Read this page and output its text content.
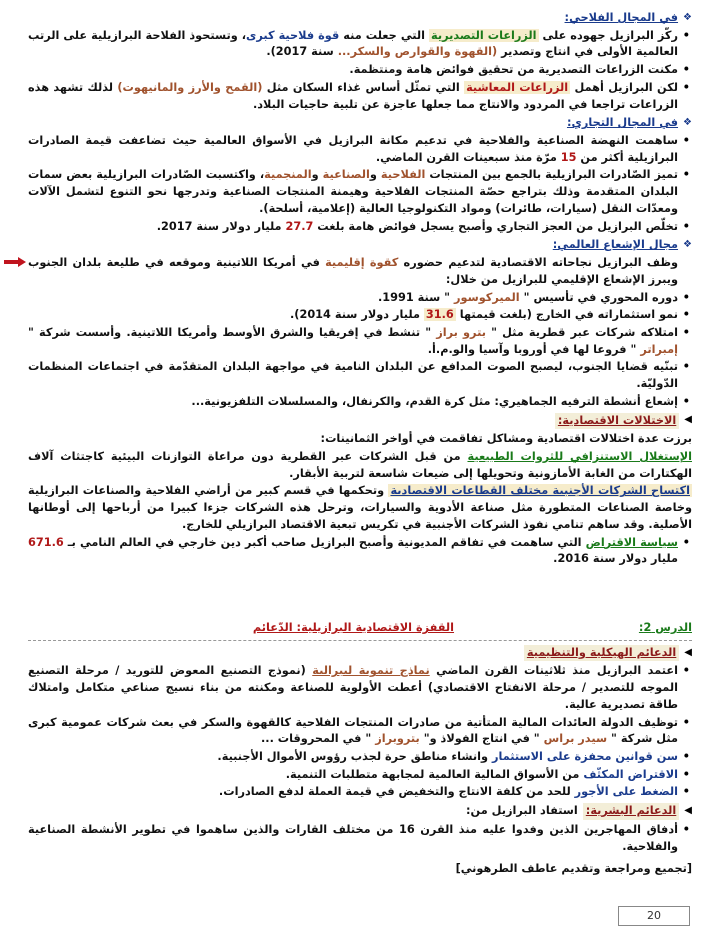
❖
في المجال الفلاحي:
• ركّز البرازيل جهوده على الزراعات التصديرية التي جعلت منه قوة فلاحية كبرى، وتستحوذ الفلاحة البرازيلية على الرتب العالمية الأولى في انتاج وتصدير (القهوة والقوارص والسكر... سنة 2017).
• مكنت الزراعات التصديرية من تحقيق فوائض هامة ومنتظمة.
• لكن البرازيل أهمل الزراعات المعاشية التي تمثّل أساس غذاء السكان مثل (القمح والأرز والمانيهوت) لذلك تشهد هذه الزراعات تراجعا في المردود والانتاج مما جعلها عاجزة عن تلبية حاجيات البلاد.
❖
في المجال التجاري:
• ساهمت النهضة الصناعية والفلاحية في تدعيم مكانة البرازيل في الأسواق العالمية حيث تضاعفت قيمة الصادرات البرازيلية أكثر من 15 مرّة منذ سبعينات القرن الماضي.
• تميز الصّادرات البرازيلية بالجمع بين المنتجات الفلاحية والصناعية والمنجمية، واكتسبت الصّادرات البرازيلية بعض سمات البلدان المتقدمة وذلك بتراجع حصّة المنتجات الفلاحية وهيمنة المنتجات الصناعية وتدرجها نحو التنوع لتشمل الآلات ومعدّات النقل (سيارات، طائرات) ومواد التكنولوجيا العالية (إعلامية، أسلحة).
• تخلّص البرازيل من العجز التجاري وأصبح يسجل فوائض هامة بلغت 27.7 مليار دولار سنة 2017.
❖
مجال الإشعاع العالمي:
وظف البرازيل نجاحاته الاقتصادية لتدعيم حضوره كقوة إقليمية في أمريكا اللاتينية وموقعه في طليعة بلدان الجنوب ويبرز الإشعاع الإقليمي للبرازيل من خلال:
• دوره المحوري في تأسيس " الميركوسور " سنة 1991.
• نمو استثماراته في الخارج (بلغت قيمتها 31.6 مليار دولار سنة 2014).
• امتلاكه شركات عبر قطرية مثل " بترو براز " تنشط في إفريقيا والشرق الأوسط وأمريكا اللاتينية. وأسست شركة " إمبراتر " فروعا لها في أوروبا وآسيا والو.م.أ.
• تبنّيه قضايا الجنوب، ليصبح الصوت المدافع عن البلدان النامية في مواجهة البلدان المتقدّمة في اجتماعات المنظمات الدّوليّة.
• إشعاع أنشطة الترفيه الجماهيري: مثل كرة القدم، والكرنفال، والمسلسلات التلفزيونية...
◀
الاختلالات الاقتصادية:

برزت عدة اختلالات اقتصادية ومشاكل تفاقمت في أواخر الثمانينات:

الإستغلال الاستنزافي للثروات الطبيعية من قبل الشركات عبر القطرية دون مراعاة التوازنات البيئية كاجتثاث آلاف الهكتارات من الغابة الأمازونية وتحويلها إلى ضيعات شاسعة لتربية الأبقار.

اكتساح الشركات الأجنبية مختلف القطاعات الاقتصادية وتحكمها في قسم كبير من أراضي الفلاحية والصناعات البرازيلية وخاصة الصناعات المتطورة مثل صناعة الأدوية والسيارات، وترحل هذه الشركات جزءا كبيرا من أرباحها إلى أوطانها الأصلية. وقد ساهم تنامي نفوذ الشركات الأجنبية في تكريس تبعية الاقتصاد البرازيلي للخارج.

• سياسة الاقتراض التي ساهمت في تفاقم المديونية وأصبح البرازيل صاحب أكبر دين خارجي في العالم النامي بـ 671.6 مليار دولار سنة 2016.
الدرس 2:
القفزة الاقتصادية البرازيلية: الدّعائم
◀
الدعائم الهيكلية والتنظيمية
• اعتمد البرازيل منذ ثلاثينات القرن الماضي نماذج تنموية ليبرالية (نموذج التصنيع المعوض للتوريد / مرحلة التصنيع الموجه للتصدير / مرحلة الانفتاح الاقتصادي) أعطت الأولوية للصناعة ومكنته من بناء نسيج صناعي متكامل وامتلاك طاقة تصديرية عالية.
• توظيف الدولة العائدات المالية المتأتية من صادرات المنتجات الفلاحية كالقهوة والسكر في بعث شركات عمومية كبرى مثل شركة " سيدر براس " في انتاج الفولاذ و" بتروبراز " في المحروقات ...
• سن قوانين محفزة على الاستثمار وانشاء مناطق حرة لجذب رؤوس الأموال الأجنبية.
• الاقتراض المكثّف من الأسواق المالية العالمية لمجابهة متطلبات التنمية.
• الضغط على الأجور للحد من كلفة الانتاج والتخفيض في قيمة العملة لدفع الصادرات.
◀
الدعائم البشرية:
استفاد البرازيل من:
• أدفاق المهاجرين الذين وفدوا عليه منذ القرن 16 من مختلف القارات والذين ساهموا في تطوير الأنشطة الصناعية والفلاحية.
[تجميع ومراجعة وتقديم عاطف الطرهوني]
20
